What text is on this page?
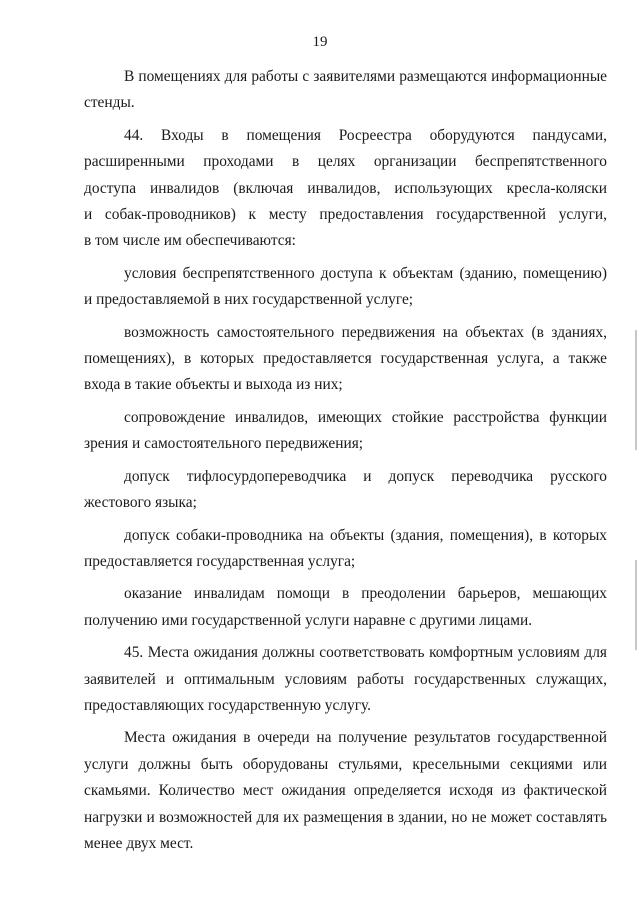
19
В помещениях для работы с заявителями размещаются информационные
стенды.
44. Входы в помещения Росреестра оборудуются пандусами,
расширенными проходами в целях организации беспрепятственного
доступа инвалидов (включая инвалидов, использующих кресла-коляски
и собак-проводников) к месту предоставления государственной услуги,
в том числе им обеспечиваются:
условия беспрепятственного доступа к объектам (зданию, помещению)
и предоставляемой в них государственной услуге;
возможность самостоятельного передвижения на объектах (в зданиях,
помещениях), в которых предоставляется государственная услуга, а также
входа в такие объекты и выхода из них;
сопровождение инвалидов, имеющих стойкие расстройства функции
зрения и самостоятельного передвижения;
допуск тифлосурдопереводчика и допуск переводчика русского
жестового языка;
допуск собаки-проводника на объекты (здания, помещения), в которых
предоставляется государственная услуга;
оказание инвалидам помощи в преодолении барьеров, мешающих
получению ими государственной услуги наравне с другими лицами.
45. Места ожидания должны соответствовать комфортным условиям для
заявителей и оптимальным условиям работы государственных служащих,
предоставляющих государственную услугу.
Места ожидания в очереди на получение результатов государственной
услуги должны быть оборудованы стульями, кресельными секциями или
скамьями. Количество мест ожидания определяется исходя из фактической
нагрузки и возможностей для их размещения в здании, но не может составлять
менее двух мест.
